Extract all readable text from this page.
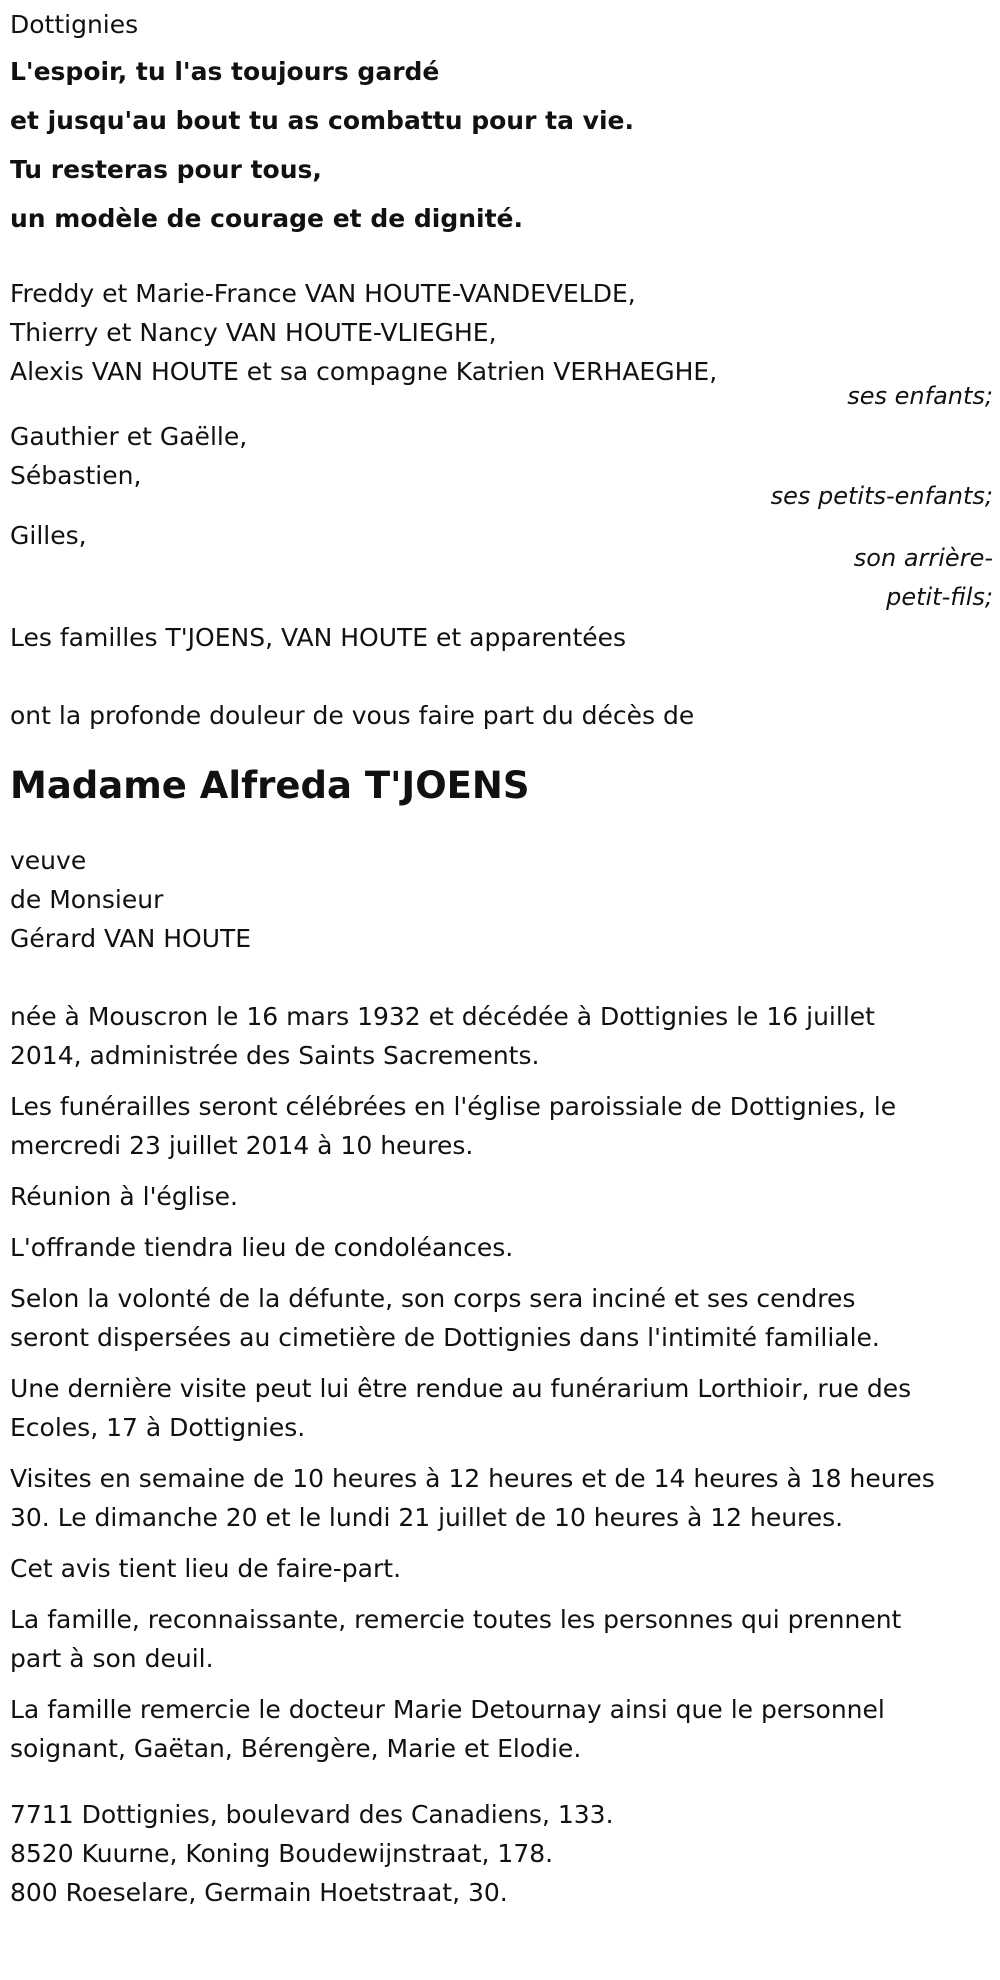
Dottignies
L'espoir, tu l'as toujours gardé
et jusqu'au bout tu as combattu pour ta vie.
Tu resteras pour tous,
un modèle de courage et de dignité.
Freddy et Marie-France VAN HOUTE-VANDEVELDE,
Thierry et Nancy VAN HOUTE-VLIEGHE,
Alexis VAN HOUTE et sa compagne Katrien VERHAEGHE,
ses enfants;
Gauthier et Gaëlle,
Sébastien,
ses petits-enfants;
Gilles,
son arrière-
petit-fils;
Les familles T'JOENS, VAN HOUTE et apparentées
ont la profonde douleur de vous faire part du décès de
Madame Alfreda T'JOENS
veuve
de Monsieur
Gérard VAN HOUTE
née à Mouscron le 16 mars 1932 et décédée à Dottignies le 16 juillet
2014, administrée des Saints Sacrements.
Les funérailles seront célébrées en l'église paroissiale de Dottignies, le
mercredi 23 juillet 2014 à 10 heures.
Réunion à l'église.
L'offrande tiendra lieu de condoléances.
Selon la volonté de la défunte, son corps sera inciné et ses cendres
seront dispersées au cimetière de Dottignies dans l'intimité familiale.
Une dernière visite peut lui être rendue au funérarium Lorthioir, rue des
Ecoles, 17 à Dottignies.
Visites en semaine de 10 heures à 12 heures et de 14 heures à 18 heures
30. Le dimanche 20 et le lundi 21 juillet de 10 heures à 12 heures.
Cet avis tient lieu de faire-part.
La famille, reconnaissante, remercie toutes les personnes qui prennent
part à son deuil.
La famille remercie le docteur Marie Detournay ainsi que le personnel
soignant, Gaëtan, Bérengère, Marie et Elodie.
7711 Dottignies, boulevard des Canadiens, 133.
8520 Kuurne, Koning Boudewijnstraat, 178.
800 Roeselare, Germain Hoetstraat, 30.
